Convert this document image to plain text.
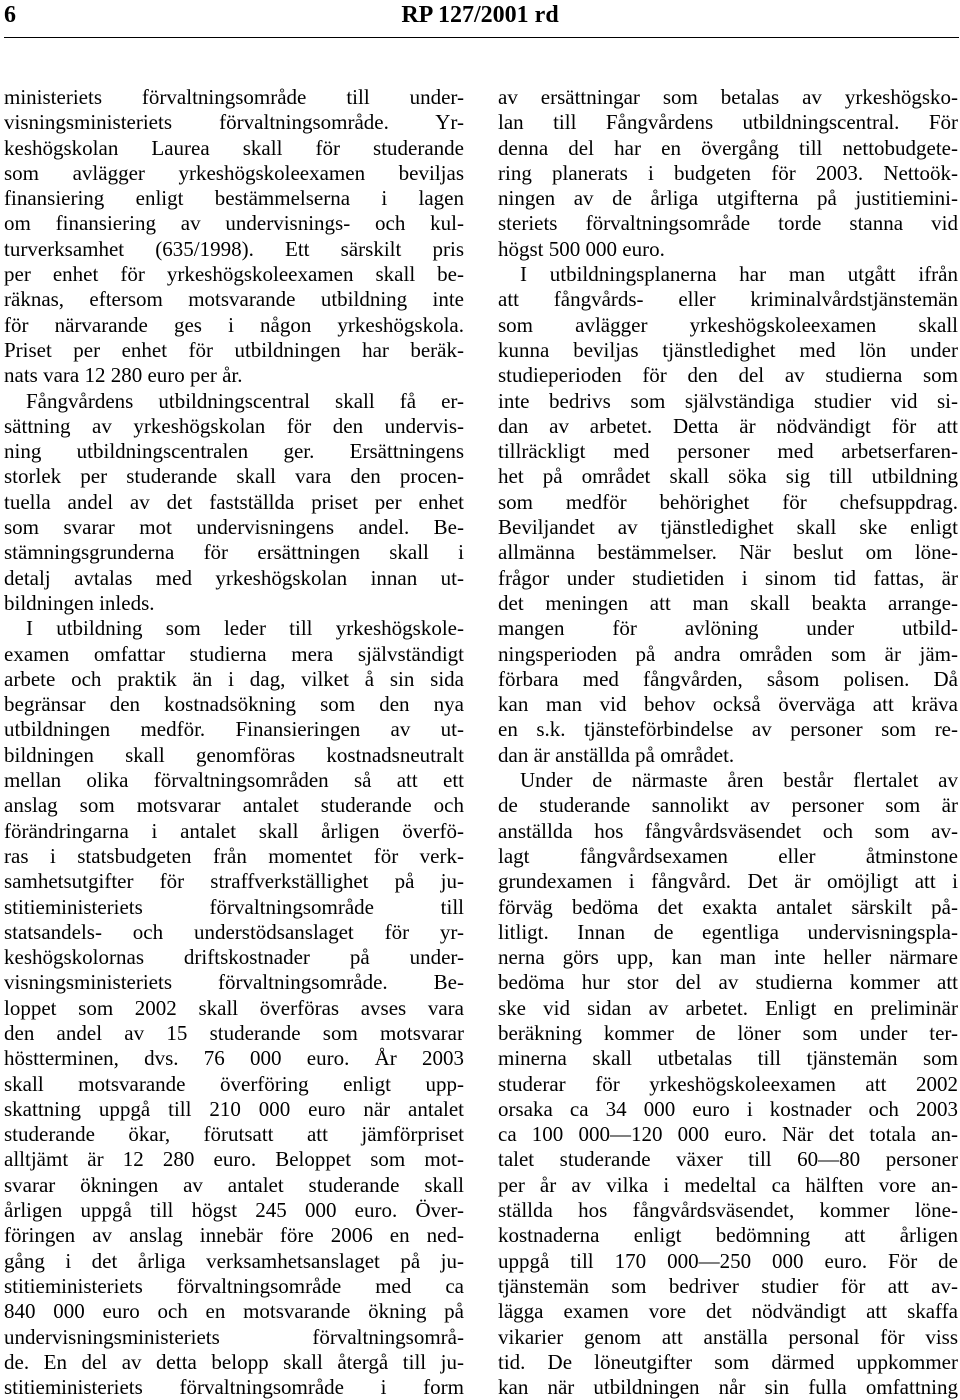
6	RP 127/2001 rd
ministeriets förvaltningsområde till under-
visningsministeriets förvaltningsområde. Yr-
keshögskolan Laurea skall för studerande
som avlägger yrkeshögskoleexamen beviljas
finansiering enligt bestämmelserna i lagen
om finansiering av undervisnings- och kul-
turverksamhet (635/1998). Ett särskilt pris
per enhet för yrkeshögskoleexamen skall be-
räknas, eftersom motsvarande utbildning inte
för närvarande ges i någon yrkeshögskola.
Priset per enhet för utbildningen har beräk-
nats vara 12 280 euro per år.
Fångvårdens utbildningscentral skall få er-
sättning av yrkeshögskolan för den undervis-
ning utbildningscentralen ger. Ersättningens
storlek per studerande skall vara den procen-
tuella andel av det fastställda priset per enhet
som svarar mot undervisningens andel. Be-
stämningsgrunderna för ersättningen skall i
detalj avtalas med yrkeshögskolan innan ut-
bildningen inleds.
I utbildning som leder till yrkeshögskole-
examen omfattar studierna mera självständigt
arbete och praktik än i dag, vilket å sin sida
begränsar den kostnadsökning som den nya
utbildningen medför. Finansieringen av ut-
bildningen skall genomföras kostnadsneutralt
mellan olika förvaltningsområden så att ett
anslag som motsvarar antalet studerande och
förändringarna i antalet skall årligen överfö-
ras i statsbudgeten från momentet för verk-
samhetsutgifter för straffverkställighet på ju-
stitieministeriets förvaltningsområde till
statsandels- och understödsanslaget för yr-
keshögskolornas driftskostnader på under-
visningsministeriets förvaltningsområde. Be-
loppet som 2002 skall överföras avses vara
den andel av 15 studerande som motsvarar
höstterminen, dvs. 76 000 euro. År 2003
skall motsvarande överföring enligt upp-
skattning uppgå till 210 000 euro när antalet
studerande ökar, förutsatt att jämförpriset
alltjämt är 12 280 euro. Beloppet som mot-
svarar ökningen av antalet studerande skall
årligen uppgå till högst 245 000 euro. Över-
föringen av anslag innebär före 2006 en ned-
gång i det årliga verksamhetsanslaget på ju-
stitieministeriets förvaltningsområde med ca
840 000 euro och en motsvarande ökning på
undervisningsministeriets förvaltningsområ-
de. En del av detta belopp skall återgå till ju-
stitieministeriets förvaltningsområde i form
av ersättningar som betalas av yrkeshögsko-
lan till Fångvårdens utbildningscentral. För
denna del har en övergång till nettobudgete-
ring planerats i budgeten för 2003. Nettoök-
ningen av de årliga utgifterna på justitiemini-
steriets förvaltningsområde torde stanna vid
högst 500 000 euro.
I utbildningsplanerna har man utgått ifrån
att fångvårds- eller kriminalvårdstjänstemän
som avlägger yrkeshögskoleexamen skall
kunna beviljas tjänstledighet med lön under
studieperioden för den del av studierna som
inte bedrivs som självständiga studier vid si-
dan av arbetet. Detta är nödvändigt för att
tillräckligt med personer med arbetserfaren-
het på området skall söka sig till utbildning
som medför behörighet för chefsuppdrag.
Beviljandet av tjänstledighet skall ske enligt
allmänna bestämmelser. När beslut om löne-
frågor under studietiden i sinom tid fattas, är
det meningen att man skall beakta arrange-
mangen för avlöning under utbild-
ningsperioden på andra områden som är jäm-
förbara med fångvården, såsom polisen. Då
kan man vid behov också överväga att kräva
en s.k. tjänsteförbindelse av personer som re-
dan är anställda på området.
Under de närmaste åren består flertalet av
de studerande sannolikt av personer som är
anställda hos fångvårdsväsendet och som av-
lagt fångvårdsexamen eller åtminstone
grundexamen i fångvård. Det är omöjligt att i
förväg bedöma det exakta antalet särskilt på-
litligt. Innan de egentliga undervisningspla-
nerna görs upp, kan man inte heller närmare
bedöma hur stor del av studierna kommer att
ske vid sidan av arbetet. Enligt en preliminär
beräkning kommer de löner som under ter-
minerna skall utbetalas till tjänstemän som
studerar för yrkeshögskoleexamen att 2002
orsaka ca 34 000 euro i kostnader och 2003
ca 100 000—120 000 euro. När det totala an-
talet studerande växer till 60—80 personer
per år av vilka i medeltal ca hälften vore an-
ställda hos fångvårdsväsendet, kommer löne-
kostnaderna enligt bedömning att årligen
uppgå till 170 000—250 000 euro. För de
tjänstemän som bedriver studier för att av-
lägga examen vore det nödvändigt att skaffa
vikarier genom att anställa personal för viss
tid. De löneutgifter som därmed uppkommer
kan när utbildningen når sin fulla omfattning
